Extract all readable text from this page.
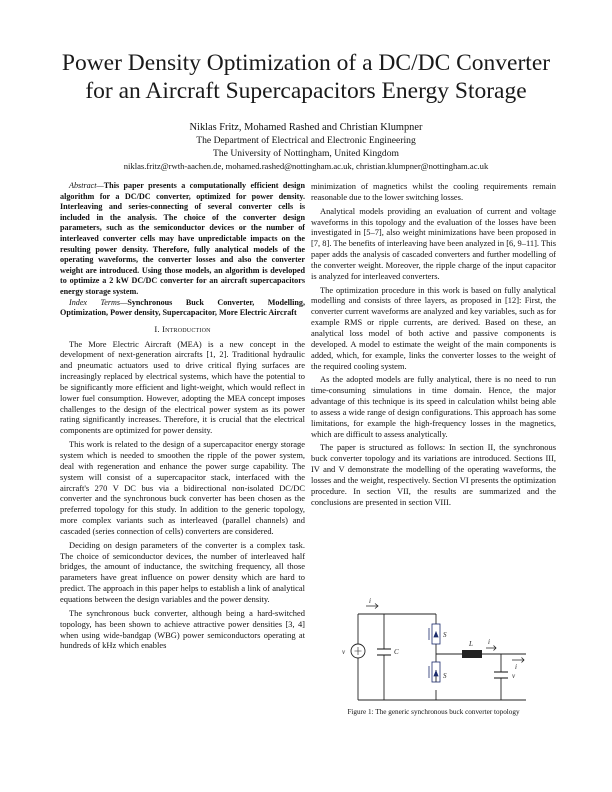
Power Density Optimization of a DC/DC Converter
for an Aircraft Supercapacitors Energy Storage
Niklas Fritz, Mohamed Rashed and Christian Klumpner
The Department of Electrical and Electronic Engineering
The University of Nottingham, United Kingdom
niklas.fritz@rwth-aachen.de, mohamed.rashed@nottingham.ac.uk, christian.klumpner@nottingham.ac.uk

Abstract—This paper presents a computationally efficient design algorithm for a DC/DC converter, optimized for power density. Interleaving and series-connecting of several converter cells is included in the analysis. The choice of the converter design parameters, such as the semiconductor devices or the number of interleaved converter cells may have unpredictable impacts on the resulting power density. Therefore, fully analytical models of the operating waveforms, the converter losses and also the converter weight are introduced. Using those models, an algorithm is developed to optimize a 2 kW DC/DC converter for an aircraft supercapacitors energy storage system.

Index Terms—Synchronous Buck Converter, Modelling, Optimization, Power density, Supercapacitor, More Electric Aircraft

I. Introduction

The More Electric Aircraft (MEA) is a new concept in the development of next-generation aircrafts [1, 2]. Traditional hydraulic and pneumatic actuators used to drive critical flying surfaces are increasingly replaced by electrical systems, which have the potential to be significantly more efficient and light-weight, which would reflect in lower fuel consumption. However, adopting the MEA concept imposes challenges to the design of the electrical power system as its power rating significantly increases. Therefore, it is crucial that the electrical components are optimized for power density.

This work is related to the design of a supercapacitor energy storage system which is needed to smoothen the ripple of the power system, deal with regeneration and enhance the power surge capability. The system will consist of a supercapacitor stack, interfaced with the aircraft's 270 V DC bus via a bidirectional non-isolated DC/DC converter and the synchronous buck converter has been chosen as the preferred topology for this study. In addition to the generic topology, more complex variants such as interleaved (parallel channels) and cascaded (series connection of cells) converters are considered.

Deciding on design parameters of the converter is a complex task. The choice of semiconductor devices, the number of interleaved half bridges, the amount of inductance, the switching frequency, all those parameters have great influence on power density which are hard to predict. The approach in this paper helps to establish a link of analytical equations between the design variables and the power density.

The synchronous buck converter, although being a hard-switched topology, has been shown to achieve attractive power densities [3, 4] when using wide-bandgap (WBG) power semiconductors operating at hundreds of kHz which enables

minimization of magnetics whilst the cooling requirements remain reasonable due to the lower switching losses.

Analytical models providing an evaluation of current and voltage waveforms in this topology and the evaluation of the losses have been investigated in [5–7], also weight minimizations have been proposed in [7, 8]. The benefits of interleaving have been analyzed in [6, 9–11]. This paper adds the analysis of cascaded converters and further modelling of the converter weight. Moreover, the ripple charge of the input capacitor is analyzed for interleaved converters.

The optimization procedure in this work is based on fully analytical modelling and consists of three layers, as proposed in [12]: First, the converter current waveforms are analyzed and key variables, such as for example RMS or ripple currents, are derived. Based on these, an analytical loss model of both active and passive components is developed. A model to estimate the weight of the main components is added, which, for example, links the converter losses to the weight of the required cooling system.

As the adopted models are fully analytical, there is no need to run time-consuming simulations in time domain. Hence, the major advantage of this technique is its speed in calculation whilst being able to assess a wide range of design configurations. This approach has some limitations, for example the high-frequency losses in the magnetics, which are difficult to assess analytically.

The paper is structured as follows: In section II, the synchronous buck converter topology and its variations are introduced. Sections III, IV and V demonstrate the modelling of the operating waveforms, the losses and the weight, respectively. Section VI presents the optimization procedure. In section VII, the results are summarized and the conclusions are presented in section VIII.

i
v	C
S
S
L i
v
i
Figure 1: The generic synchronous buck converter topology
